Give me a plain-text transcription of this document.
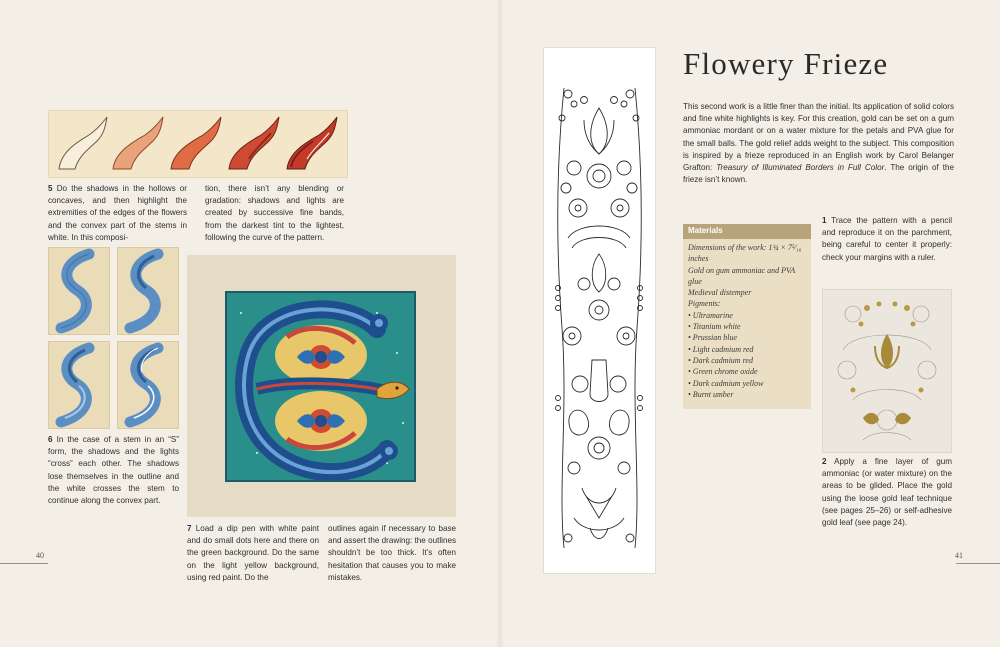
5 Do the shadows in the hollows or concaves, and then highlight the extremities of the edges of the flowers and the convex part of the stems in white. In this composi-

tion, there isn’t any blending or gradation: shadows and lights are created by successive fine bands, from the darkest tint to the lightest, following the curve of the pattern.

6 In the case of a stem in an “S” form, the shadows and the lights “cross” each other. The shadows lose themselves in the outline and the white crosses the stem to continue along the convex part.

7 Load a dip pen with white paint and do small dots here and there on the green background. Do the same on the light yellow background, using red paint. Do the

outlines again if necessary to base and assert the drawing: the outlines shouldn’t be too thick. It’s often hesitation that causes you to make mistakes.

40
Flowery Frieze

This second work is a little finer than the initial. Its application of solid colors and fine white highlights is key. For this creation, gold can be set on a gum ammoniac mordant or on a water mixture for the petals and PVA glue for the small balls. The gold relief adds weight to the subject. This composition is inspired by a frieze reproduced in an English work by Carol Belanger Grafton: Treasury of Illuminated Borders in Full Color. The origin of the frieze isn’t known.

Materials
Dimensions of the work: 1¾ × 7⁵⁄₁₆ inches
Gold on gum ammoniac and PVA glue
Medieval distemper
Pigments:
• Ultramarine
• Titanium white
• Prussian blue
• Light cadmium red
• Dark cadmium red
• Green chrome oxide
• Dark cadmium yellow
• Burnt umber

1 Trace the pattern with a pencil and reproduce it on the parchment, being careful to center it properly: check your margins with a ruler.

2 Apply a fine layer of gum ammoniac (or water mixture) on the areas to be glided. Place the gold using the loose gold leaf technique (see pages 25–26) or self-adhesive gold leaf (see page 24).

41
